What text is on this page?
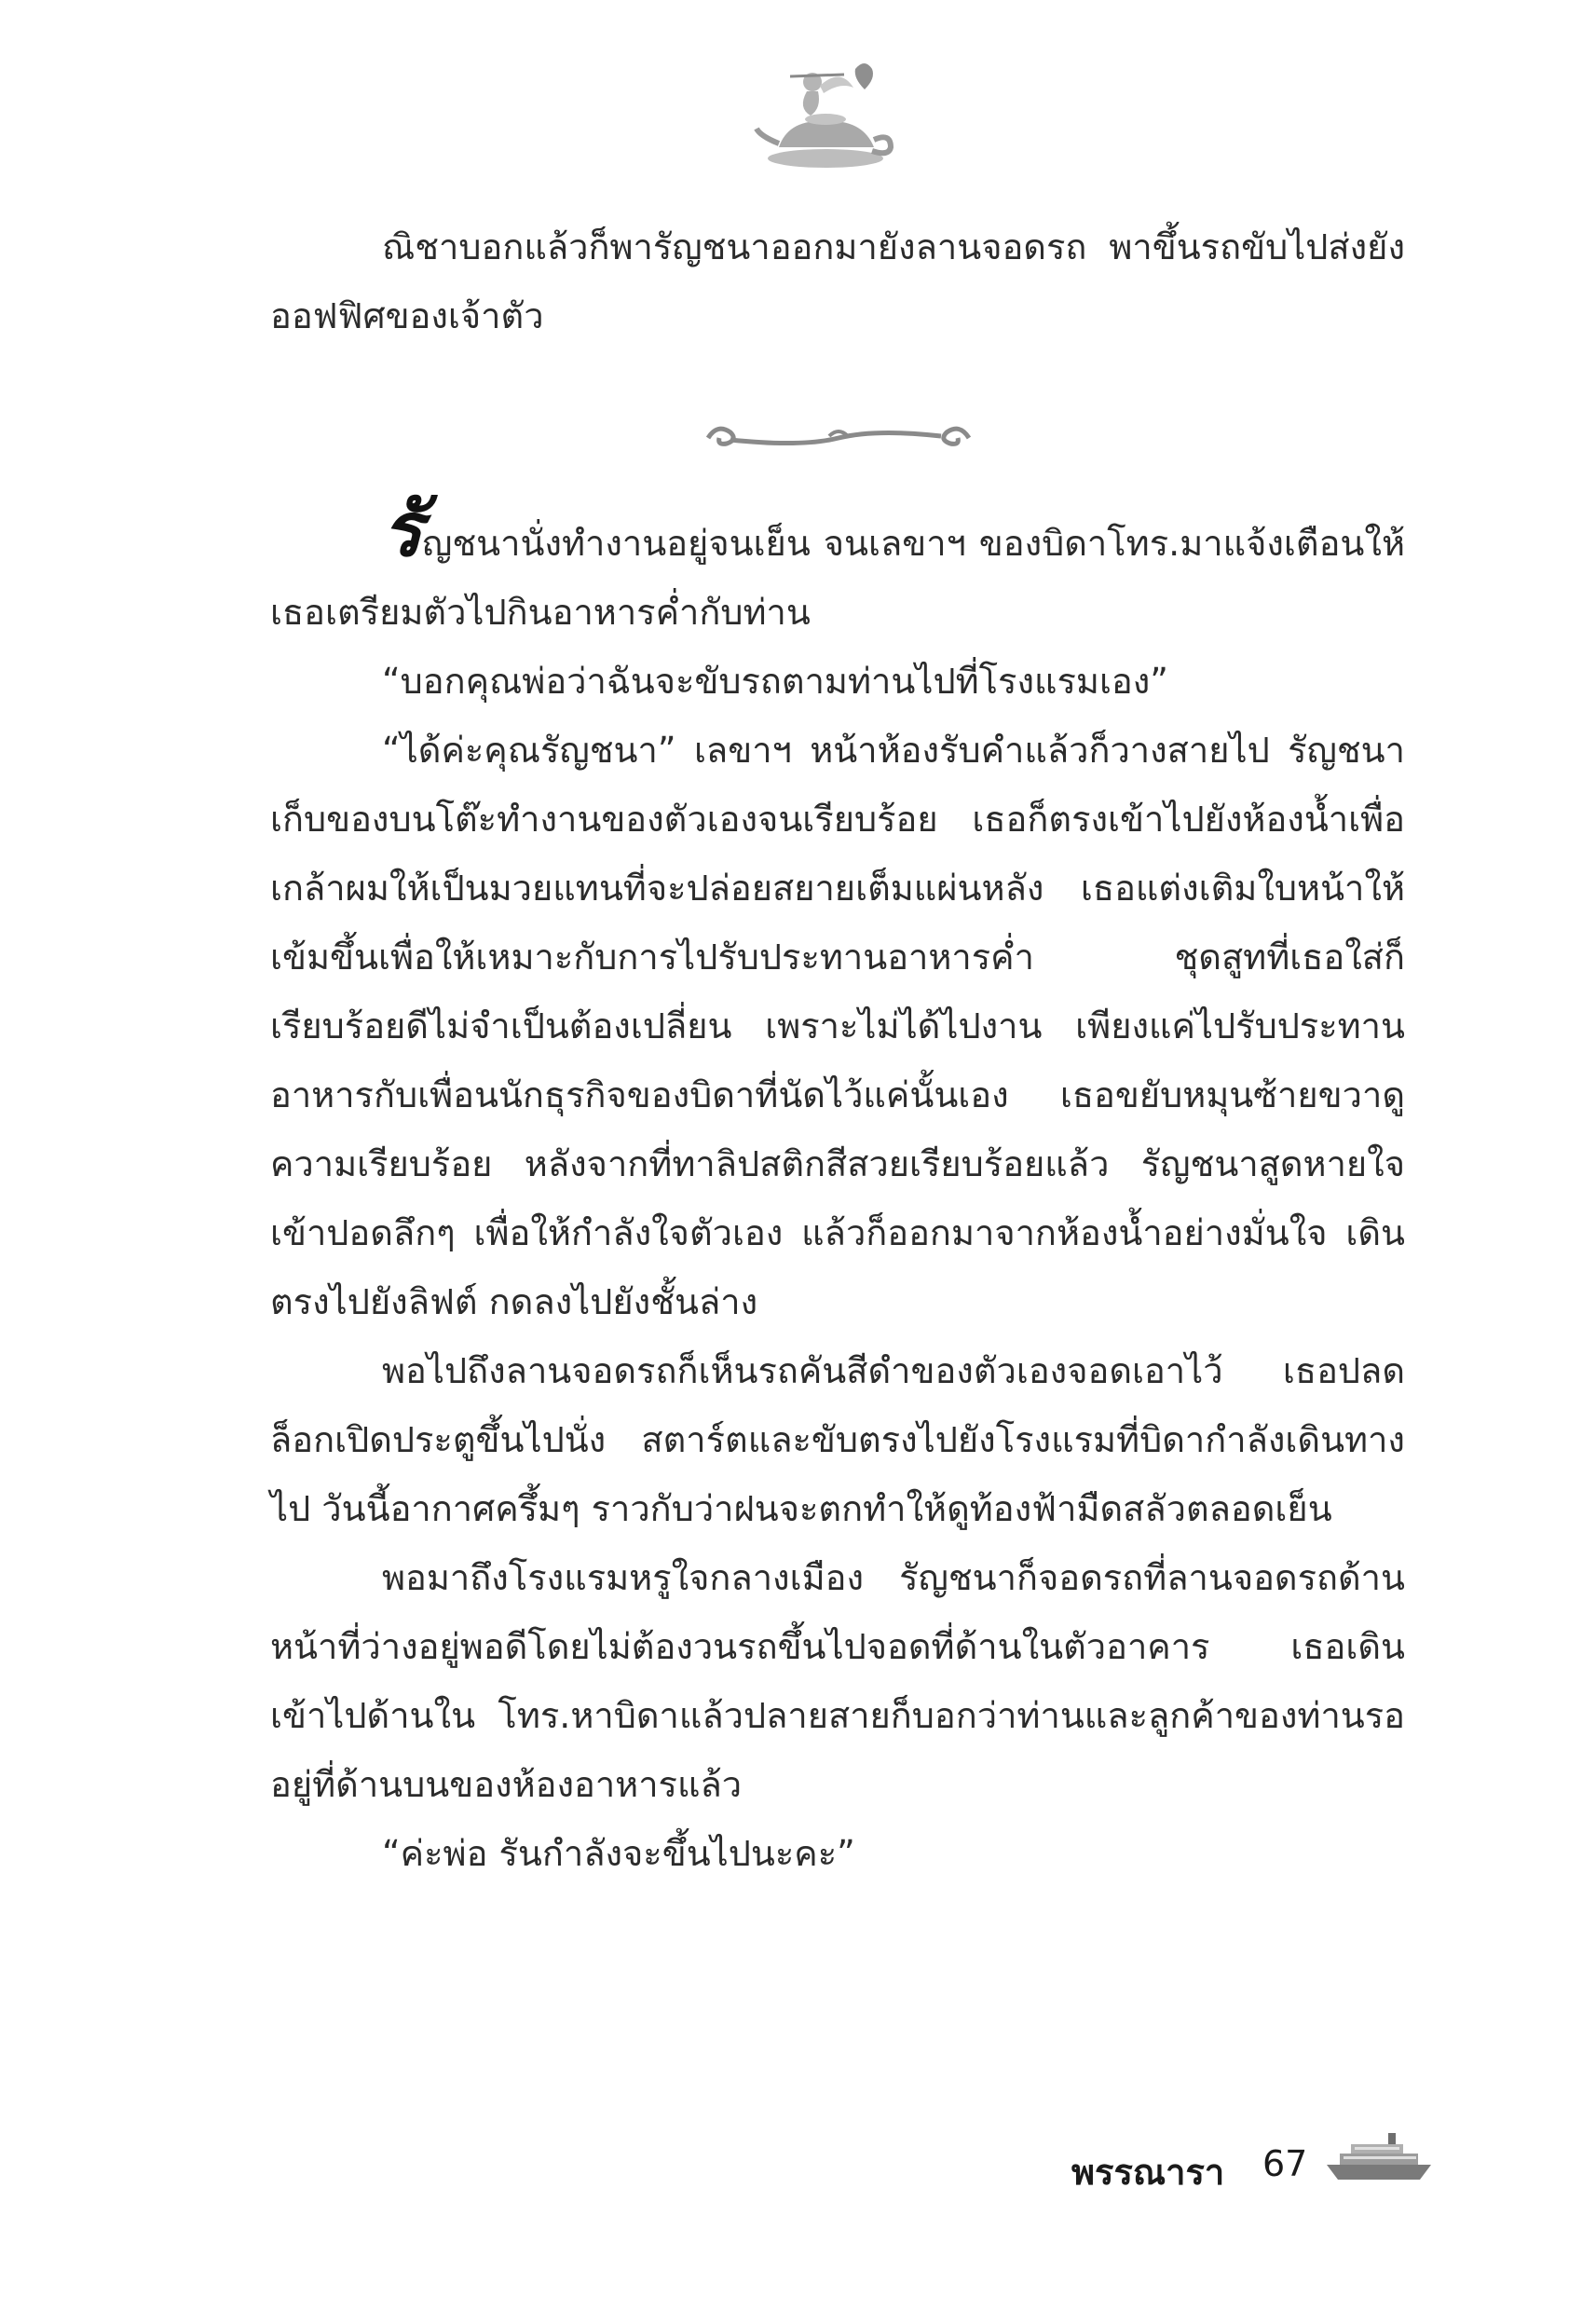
ณิชาบอกแล้วก็พารัญชนาออกมายังลานจอดรถ พาขึ้นรถขับไปส่งยังออฟฟิศของเจ้าตัว

รัญชนานั่งทำงานอยู่จนเย็น จนเลขาฯ ของบิดาโทร.มาแจ้งเตือนให้เธอเตรียมตัวไปกินอาหารค่ำกับท่าน

“บอกคุณพ่อว่าฉันจะขับรถตามท่านไปที่โรงแรมเอง”

“ได้ค่ะคุณรัญชนา” เลขาฯ หน้าห้องรับคำแล้วก็วางสายไป รัญชนาเก็บของบนโต๊ะทำงานของตัวเองจนเรียบร้อย เธอก็ตรงเข้าไปยังห้องน้ำเพื่อเกล้าผมให้เป็นมวยแทนที่จะปล่อยสยายเต็มแผ่นหลัง เธอแต่งเติมใบหน้าให้เข้มขึ้นเพื่อให้เหมาะกับการไปรับประทานอาหารค่ำ ชุดสูทที่เธอใส่ก็เรียบร้อยดีไม่จำเป็นต้องเปลี่ยน เพราะไม่ได้ไปงาน เพียงแค่ไปรับประทานอาหารกับเพื่อนนักธุรกิจของบิดาที่นัดไว้แค่นั้นเอง เธอขยับหมุนซ้ายขวาดูความเรียบร้อย หลังจากที่ทาลิปสติกสีสวยเรียบร้อยแล้ว รัญชนาสูดหายใจเข้าปอดลึกๆ เพื่อให้กำลังใจตัวเอง แล้วก็ออกมาจากห้องน้ำอย่างมั่นใจ เดินตรงไปยังลิฟต์ กดลงไปยังชั้นล่าง

พอไปถึงลานจอดรถก็เห็นรถคันสีดำของตัวเองจอดเอาไว้ เธอปลดล็อกเปิดประตูขึ้นไปนั่ง สตาร์ตและขับตรงไปยังโรงแรมที่บิดากำลังเดินทางไป วันนี้อากาศครึ้มๆ ราวกับว่าฝนจะตกทำให้ดูท้องฟ้ามืดสลัวตลอดเย็น

พอมาถึงโรงแรมหรูใจกลางเมือง รัญชนาก็จอดรถที่ลานจอดรถด้านหน้าที่ว่างอยู่พอดีโดยไม่ต้องวนรถขึ้นไปจอดที่ด้านในตัวอาคาร เธอเดินเข้าไปด้านใน โทร.หาบิดาแล้วปลายสายก็บอกว่าท่านและลูกค้าของท่านรออยู่ที่ด้านบนของห้องอาหารแล้ว

“ค่ะพ่อ รันกำลังจะขึ้นไปนะคะ”

พรรณารา 67
